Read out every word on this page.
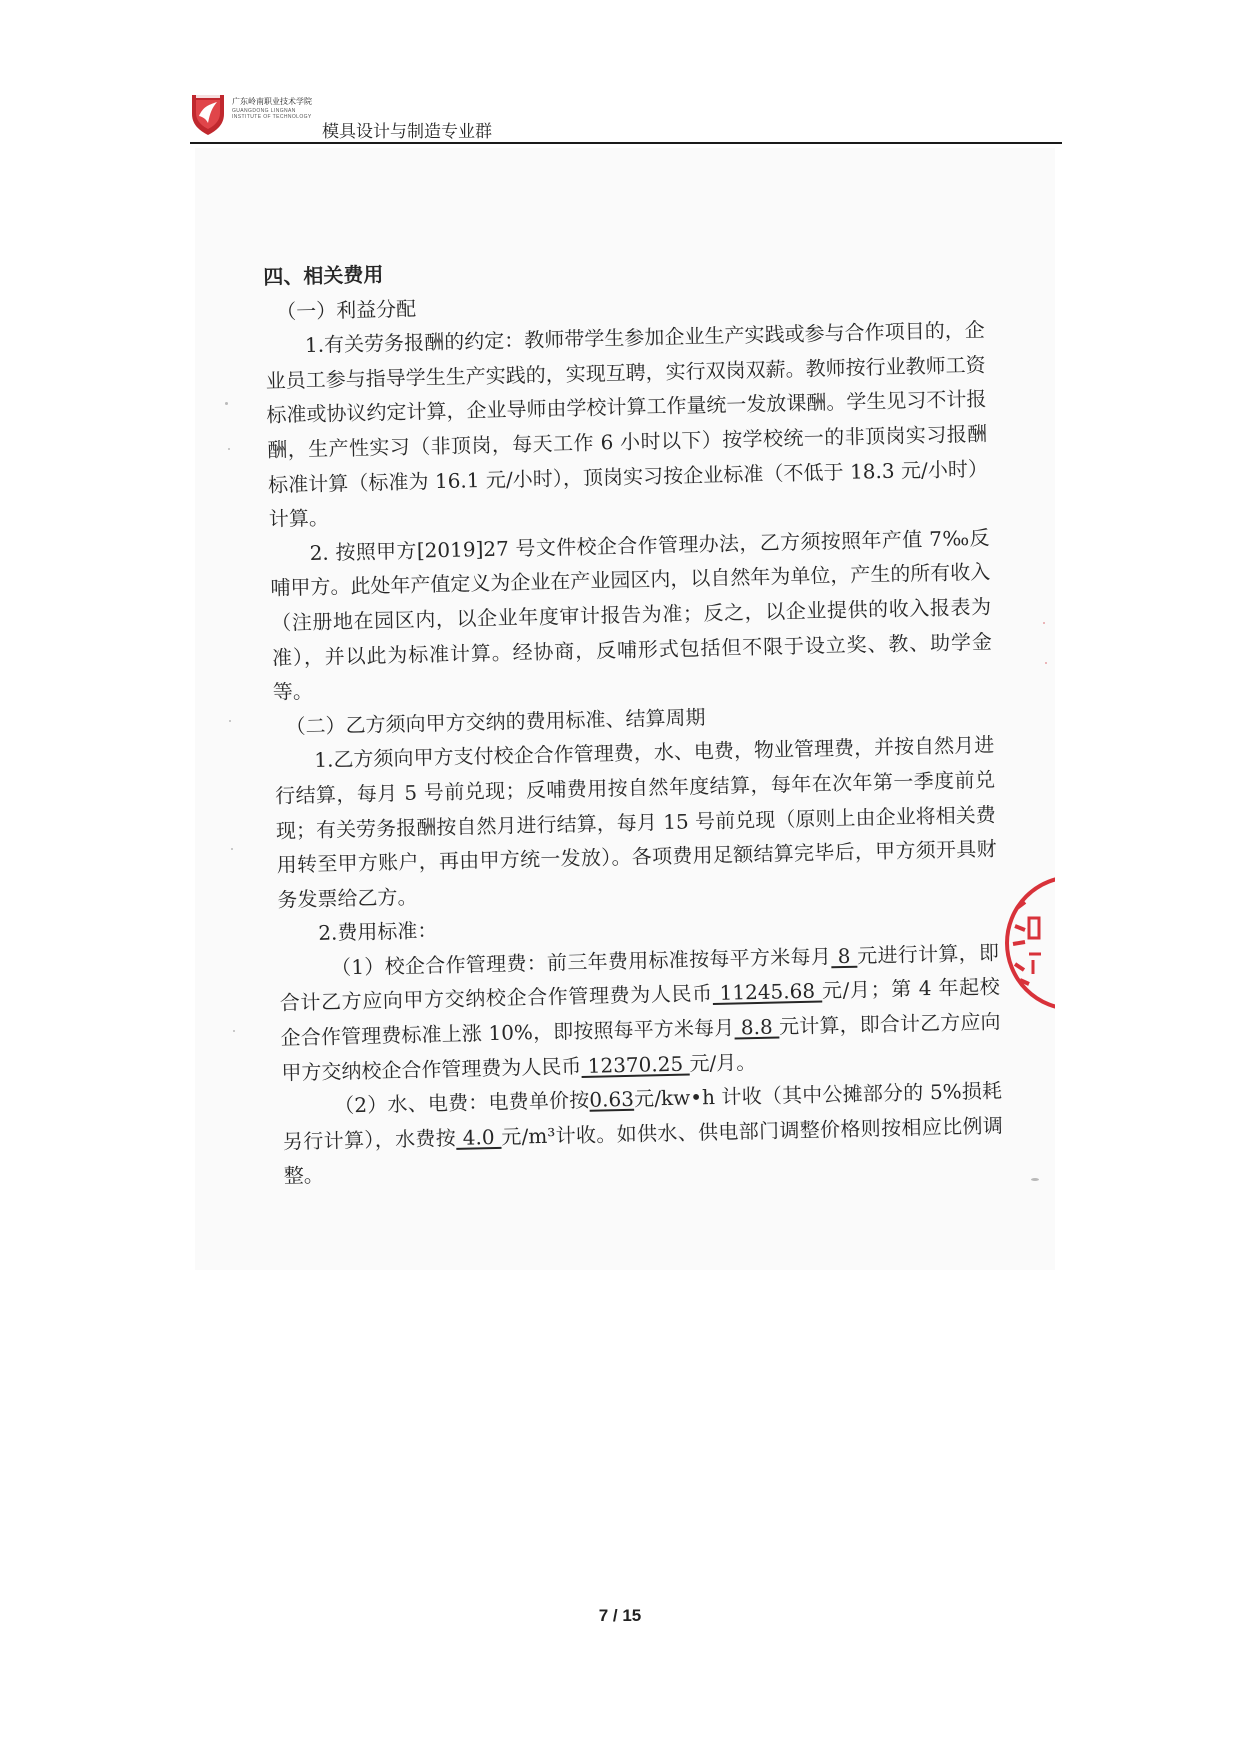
广东岭南职业技术学院
GUANGDONG LINGNAN
INSTITUTE OF TECHNOLOGY
模具设计与制造专业群

四、相关费用

（一）利益分配

1.有关劳务报酬的约定：教师带学生参加企业生产实践或参与合作项目的，企业员工参与指导学生生产实践的，实现互聘，实行双岗双薪。教师按行业教师工资标准或协议约定计算，企业导师由学校计算工作量统一发放课酬。学生见习不计报酬，生产性实习（非顶岗，每天工作 6 小时以下）按学校统一的非顶岗实习报酬标准计算（标准为 16.1 元/小时），顶岗实习按企业标准（不低于 18.3 元/小时）计算。

2. 按照甲方[2019]27 号文件校企合作管理办法，乙方须按照年产值 7‰反哺甲方。此处年产值定义为企业在产业园区内，以自然年为单位，产生的所有收入（注册地在园区内，以企业年度审计报告为准；反之，以企业提供的收入报表为准），并以此为标准计算。经协商，反哺形式包括但不限于设立奖、教、助学金等。

（二）乙方须向甲方交纳的费用标准、结算周期

1.乙方须向甲方支付校企合作管理费，水、电费，物业管理费，并按自然月进行结算，每月 5 号前兑现；反哺费用按自然年度结算，每年在次年第一季度前兑现；有关劳务报酬按自然月进行结算，每月 15 号前兑现（原则上由企业将相关费用转至甲方账户，再由甲方统一发放）。各项费用足额结算完毕后，甲方须开具财务发票给乙方。

2.费用标准：

（1）校企合作管理费：前三年费用标准按每平方米每月 8 元进行计算，即合计乙方应向甲方交纳校企合作管理费为人民币 11245.68 元/月；第 4 年起校企合作管理费标准上涨 10%，即按照每平方米每月 8.8 元计算，即合计乙方应向甲方交纳校企合作管理费为人民币 12370.25 元/月。

（2）水、电费：电费单价按0.63元/kw•h 计收（其中公摊部分的 5%损耗另行计算），水费按 4.0 元/m³计收。如供水、供电部门调整价格则按相应比例调整。

7 / 15
